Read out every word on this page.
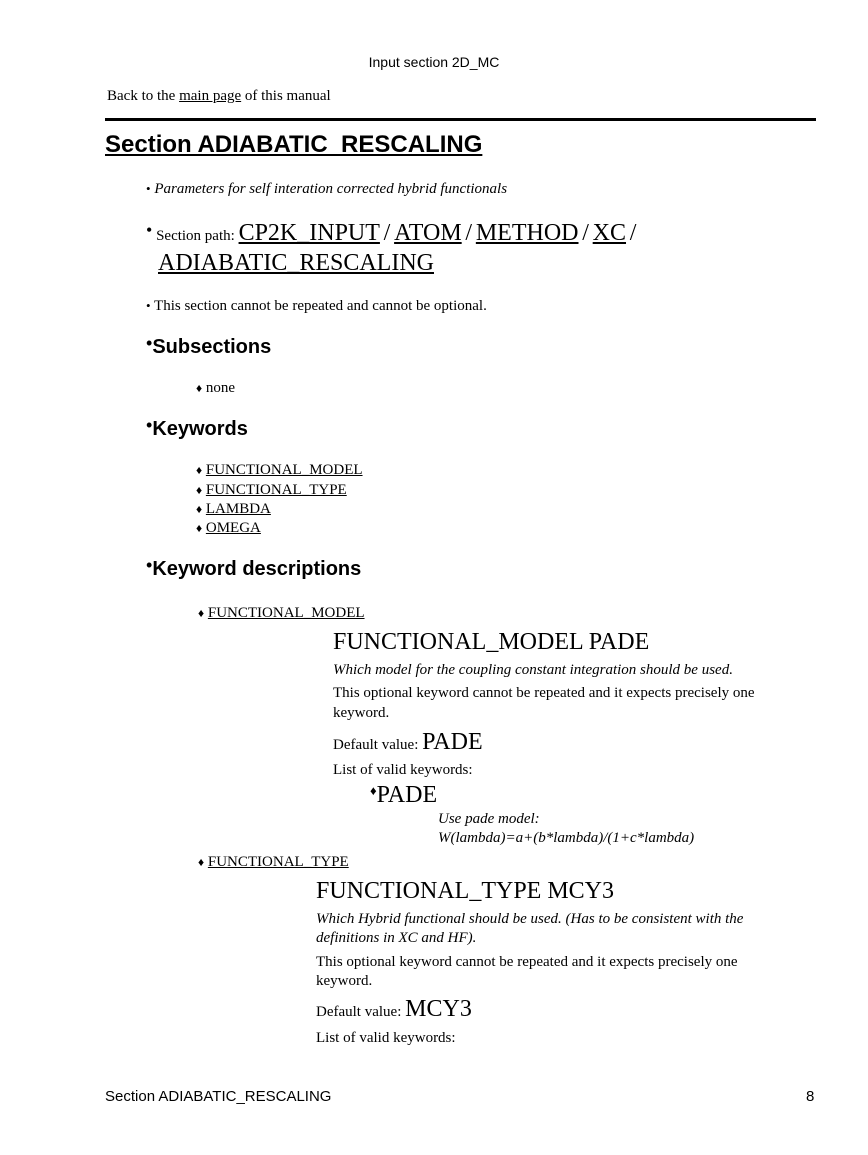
Input section 2D_MC
Back to the main page of this manual
Section ADIABATIC_RESCALING
• Parameters for self interation corrected hybrid functionals
• Section path: CP2K_INPUT / ATOM / METHOD / XC /
ADIABATIC_RESCALING
• This section cannot be repeated and cannot be optional.
•Subsections
♦ none
•Keywords
♦ FUNCTIONAL_MODEL
♦ FUNCTIONAL_TYPE
♦ LAMBDA
♦ OMEGA
•Keyword descriptions
♦ FUNCTIONAL_MODEL
FUNCTIONAL_MODEL PADE
Which model for the coupling constant integration should be used.
This optional keyword cannot be repeated and it expects precisely one
keyword.
Default value: PADE
List of valid keywords:
♦PADE
Use pade model:
W(lambda)=a+(b*lambda)/(1+c*lambda)
♦ FUNCTIONAL_TYPE
FUNCTIONAL_TYPE MCY3
Which Hybrid functional should be used. (Has to be consistent with the
definitions in XC and HF).
This optional keyword cannot be repeated and it expects precisely one
keyword.
Default value: MCY3
List of valid keywords:
Section ADIABATIC_RESCALING	8
